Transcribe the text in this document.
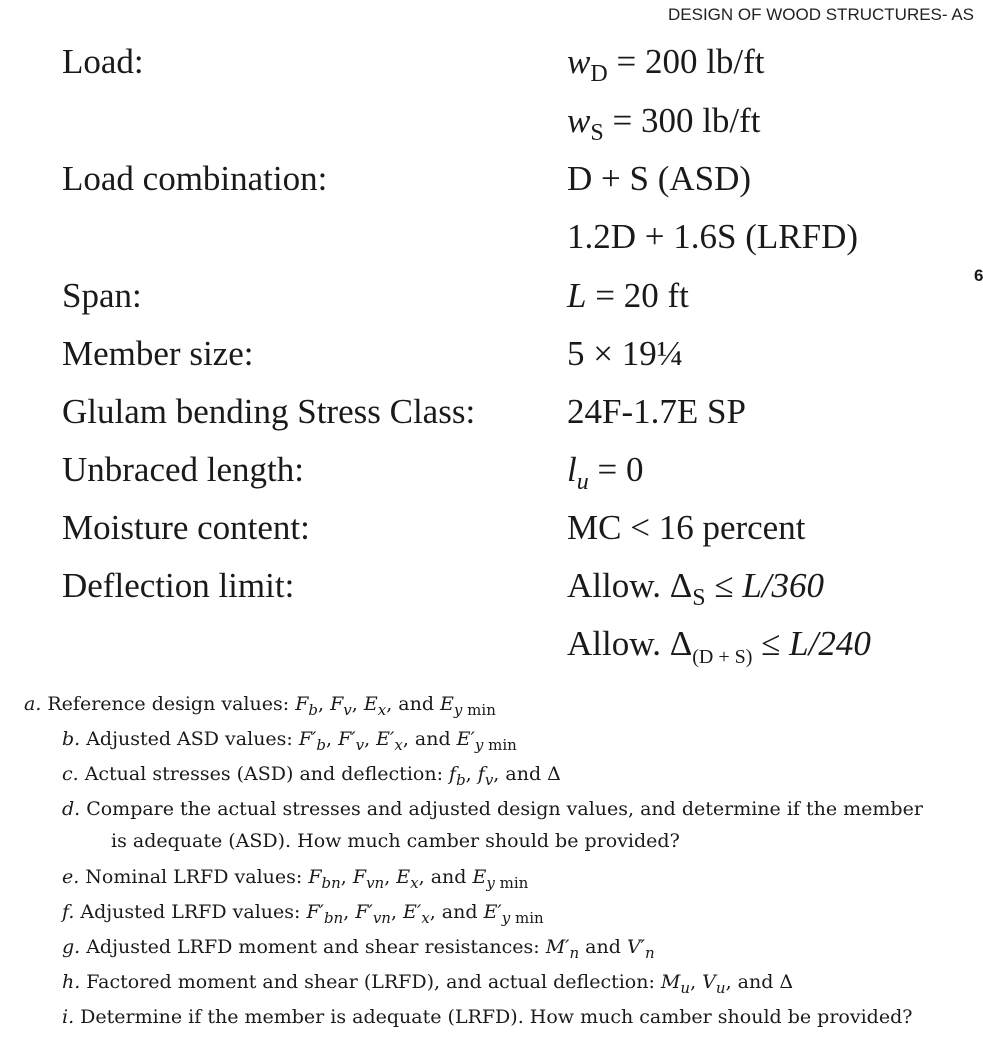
DESIGN OF WOOD STRUCTURES- AS
6
Load:
Load combination:
Span:
Member size:
Glulam bending Stress Class:
Unbraced length:
Moisture content:
Deflection limit:
$w_D = 200$ lb/ft
$w_S = 300$ lb/ft
D + S (ASD)
1.2D + 1.6S (LRFD)
L = 20 ft
5 × 19¼
24F-1.7E SP
$l_u = 0$
MC < 16 percent
Allow. $\Delta_S \le L/360$
Allow. $\Delta_{(D + S)} \le L/240$
a. Reference design values: $F_b$, $F_v$, $E_x$, and $E_{y min}$
b. Adjusted ASD values: $F'_b$, $F'_v$, $E'_x$, and $E'_{y min}$
c. Actual stresses (ASD) and deflection: $f_b$, $f_v$, and Δ
d. Compare the actual stresses and adjusted design values, and determine if the member
is adequate (ASD). How much camber should be provided?
e. Nominal LRFD values: $F_{bn}$, $F_{vn}$, $E_x$, and $E_{y min}$
f. Adjusted LRFD values: $F'_{bn}$, $F'_{vn}$, $E'_x$, and $E'_{y min}$
g. Adjusted LRFD moment and shear resistances: $M'_n$ and $V'_n$
h. Factored moment and shear (LRFD), and actual deflection: $M_u$, $V_u$, and Δ
i. Determine if the member is adequate (LRFD). How much camber should be provided?
